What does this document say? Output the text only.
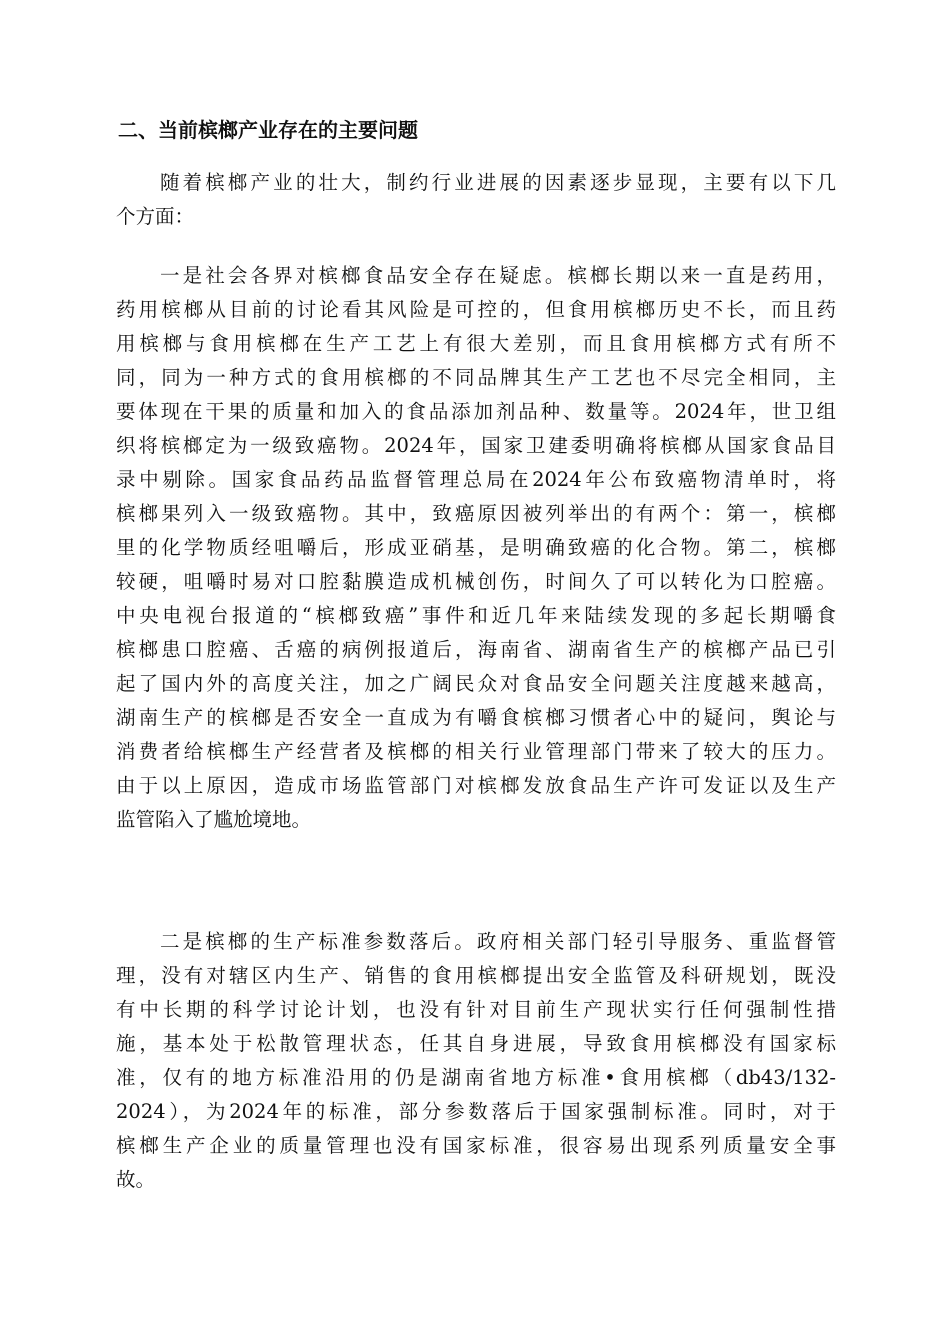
二、当前槟榔产业存在的主要问题
随着槟榔产业的壮大，制约行业进展的因素逐步显现，主要有以下几
个方面：
一是社会各界对槟榔食品安全存在疑虑。槟榔长期以来一直是药用，
药用槟榔从目前的讨论看其风险是可控的，但食用槟榔历史不长，而且药
用槟榔与食用槟榔在生产工艺上有很大差别，而且食用槟榔方式有所不
同，同为一种方式的食用槟榔的不同品牌其生产工艺也不尽完全相同，主
要体现在干果的质量和加入的食品添加剂品种、数量等。2024年，世卫组
织将槟榔定为一级致癌物。2024年，国家卫建委明确将槟榔从国家食品目
录中剔除。国家食品药品监督管理总局在2024年公布致癌物清单时，将
槟榔果列入一级致癌物。其中，致癌原因被列举出的有两个：第一，槟榔
里的化学物质经咀嚼后，形成亚硝基，是明确致癌的化合物。第二，槟榔
较硬，咀嚼时易对口腔黏膜造成机械创伤，时间久了可以转化为口腔癌。
中央电视台报道的“槟榔致癌”事件和近几年来陆续发现的多起长期嚼食
槟榔患口腔癌、舌癌的病例报道后，海南省、湖南省生产的槟榔产品已引
起了国内外的高度关注，加之广阔民众对食品安全问题关注度越来越高，
湖南生产的槟榔是否安全一直成为有嚼食槟榔习惯者心中的疑问，舆论与
消费者给槟榔生产经营者及槟榔的相关行业管理部门带来了较大的压力。
由于以上原因，造成市场监管部门对槟榔发放食品生产许可发证以及生产
监管陷入了尴尬境地。
二是槟榔的生产标准参数落后。政府相关部门轻引导服务、重监督管
理，没有对辖区内生产、销售的食用槟榔提出安全监管及科研规划，既没
有中长期的科学讨论计划，也没有针对目前生产现状实行任何强制性措
施，基本处于松散管理状态，任其自身进展，导致食用槟榔没有国家标
准，仅有的地方标准沿用的仍是湖南省地方标准•食用槟榔（db43/132-
2024），为2024年的标准，部分参数落后于国家强制标准。同时，对于
槟榔生产企业的质量管理也没有国家标准，很容易出现系列质量安全事
故。
